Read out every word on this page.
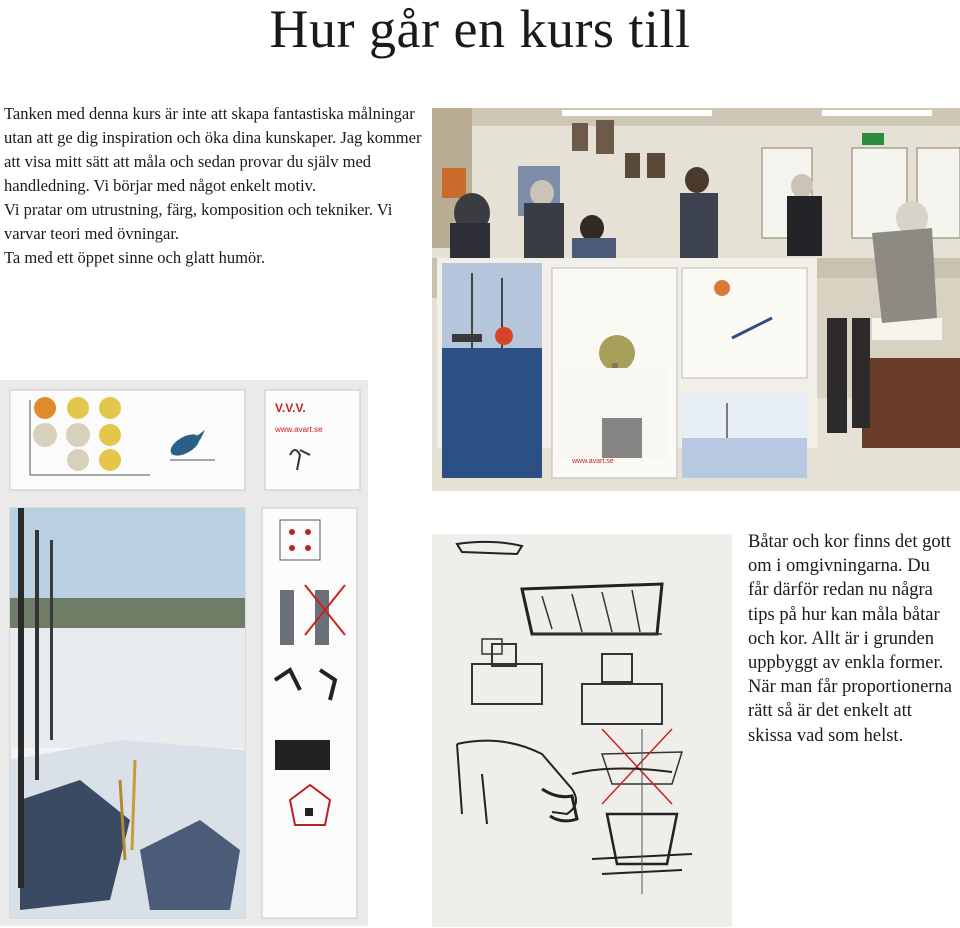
Hur går en kurs till

Tanken med denna kurs är inte att skapa fantastiska målningar utan att ge dig inspiration och öka dina kunskaper. Jag kommer att visa mitt sätt att måla och sedan provar du själv med handledning. Vi börjar med något enkelt motiv.

Vi pratar om utrustning, färg, komposition och tekniker. Vi varvar teori med övningar.

Ta med ett öppet sinne och glatt humör.

www.avart.se
V.V.V.
www.avart.se
Båtar och kor finns det gott om i omgivningarna. Du får därför redan nu några tips på hur kan måla båtar och kor. Allt är i grunden uppbyggt av enkla former. När man får proportionerna rätt så är det enkelt att skissa vad som helst.
